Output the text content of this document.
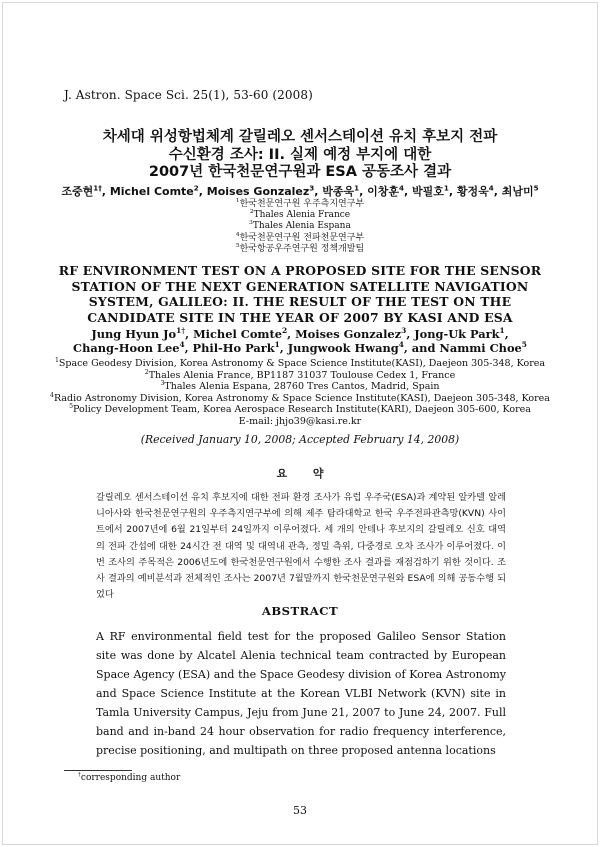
J. Astron. Space Sci. 25(1), 53-60 (2008)
차세대 위성항법체계 갈릴레오 센서스테이션 유치 후보지 전파
수신환경 조사: II. 실제 예정 부지에 대한
2007년 한국천문연구원과 ESA 공동조사 결과
조중현$^{1\dagger}$, Michel Comte$^2$, Moises Gonzalez$^3$, 박종욱$^1$, 이창훈$^4$, 박필호$^1$, 황정욱$^4$, 최남미$^5$
$^1$한국천문연구원 우주측지연구부
$^2$Thales Alenia France
$^3$Thales Alenia Espana
$^4$한국천문연구원 전파천문연구부
$^5$한국항공우주연구원 정책개발팀
RF ENVIRONMENT TEST ON A PROPOSED SITE FOR THE SENSOR
STATION OF THE NEXT GENERATION SATELLITE NAVIGATION
SYSTEM, GALILEO: II. THE RESULT OF THE TEST ON THE
CANDIDATE SITE IN THE YEAR OF 2007 BY KASI AND ESA
Jung Hyun $Jo^{1\dagger}$, Michel Comte$^2$, Moises Gonzalez$^3$, Jong-Uk Park$^1$,
Chang-Hoon Lee$^4$, Phil-Ho Park$^1$, Jungwook Hwang$^4$, and Nammi Choe$^5$
$^1$Space Geodesy Division, Korea Astronomy & Space Science Institute(KASI), Daejeon 305-348, Korea
$^2$Thales Alenia France, BP1187 31037 Toulouse Cedex 1, France
$^3$Thales Alenia Espana, 28760 Tres Cantos, Madrid, Spain
$^4$Radio Astronomy Division, Korea Astronomy & Space Science Institute(KASI), Daejeon 305-348, Korea
$^5$Policy Development Team, Korea Aerospace Research Institute(KARI), Daejeon 305-600, Korea
E-mail: jhjo39@kasi.re.kr
(Received January 10, 2008; Accepted February 14, 2008)
요 약
갈릴레오 센서스테이션 유치 후보지에 대한 전파 환경 조사가 유럽 우주국(ESA)과 계약된 알카텔 알레니아사와 한국천문연구원의 우주측지연구부에 의해 제주 탐라대학교 한국 우주전파관측망(KVN) 사이트에서 2007년에 6월 21일부터 24일까지 이루어졌다. 세 개의 안테나 후보지의 갈릴레오 신호 대역의 전파 간섭에 대한 24시간 전 대역 및 대역내 관측, 정밀 측위, 다중경로 오차 조사가 이루어졌다. 이번 조사의 주목적은 2006년도에 한국천문연구원에서 수행한 조사 결과를 재점검하기 위한 것이다. 조사 결과의 예비분석과 전체적인 조사는 2007년 7월말까지 한국천문연구원와 ESA에 의해 공동수행 되었다
ABSTRACT

A RF environmental field test for the proposed Galileo Sensor Station site was done by Alcatel Alenia technical team contracted by European Space Agency (ESA) and the Space Geodesy division of Korea Astronomy and Space Science Institute at the Korean VLBI Network (KVN) site in Tamla University Campus, Jeju from June 21, 2007 to June 24, 2007. Full band and in-band 24 hour observation for radio frequency interference, precise positioning, and multipath on three proposed antenna locations

†corresponding author
53
